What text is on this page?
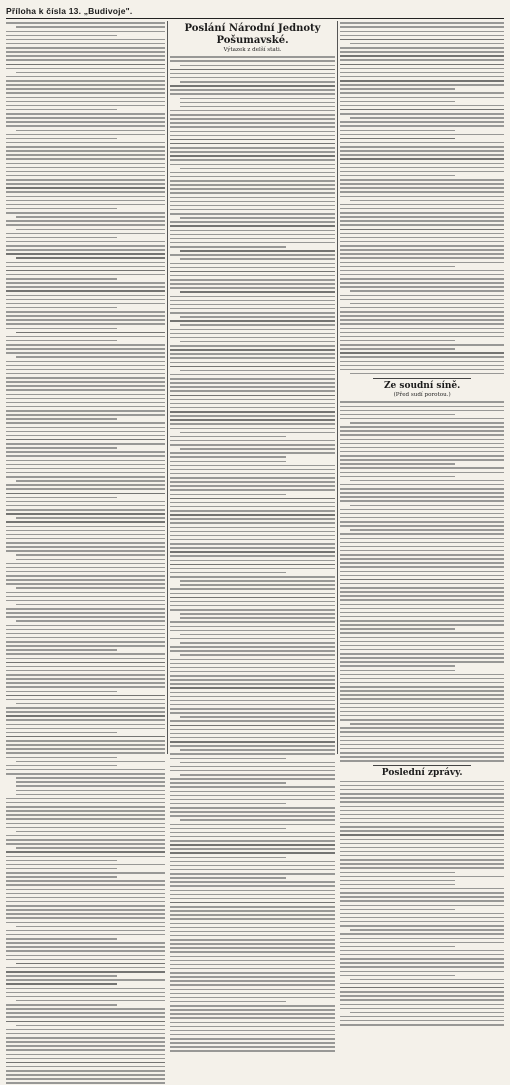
Příloha k čísla 13. „Budivoje".
Poslání Národní Jednoty Pošumavské.
Výtazek z delší stati.
Ze soudní síně.
(Před sudí porotou.)
Poslední zprávy.
